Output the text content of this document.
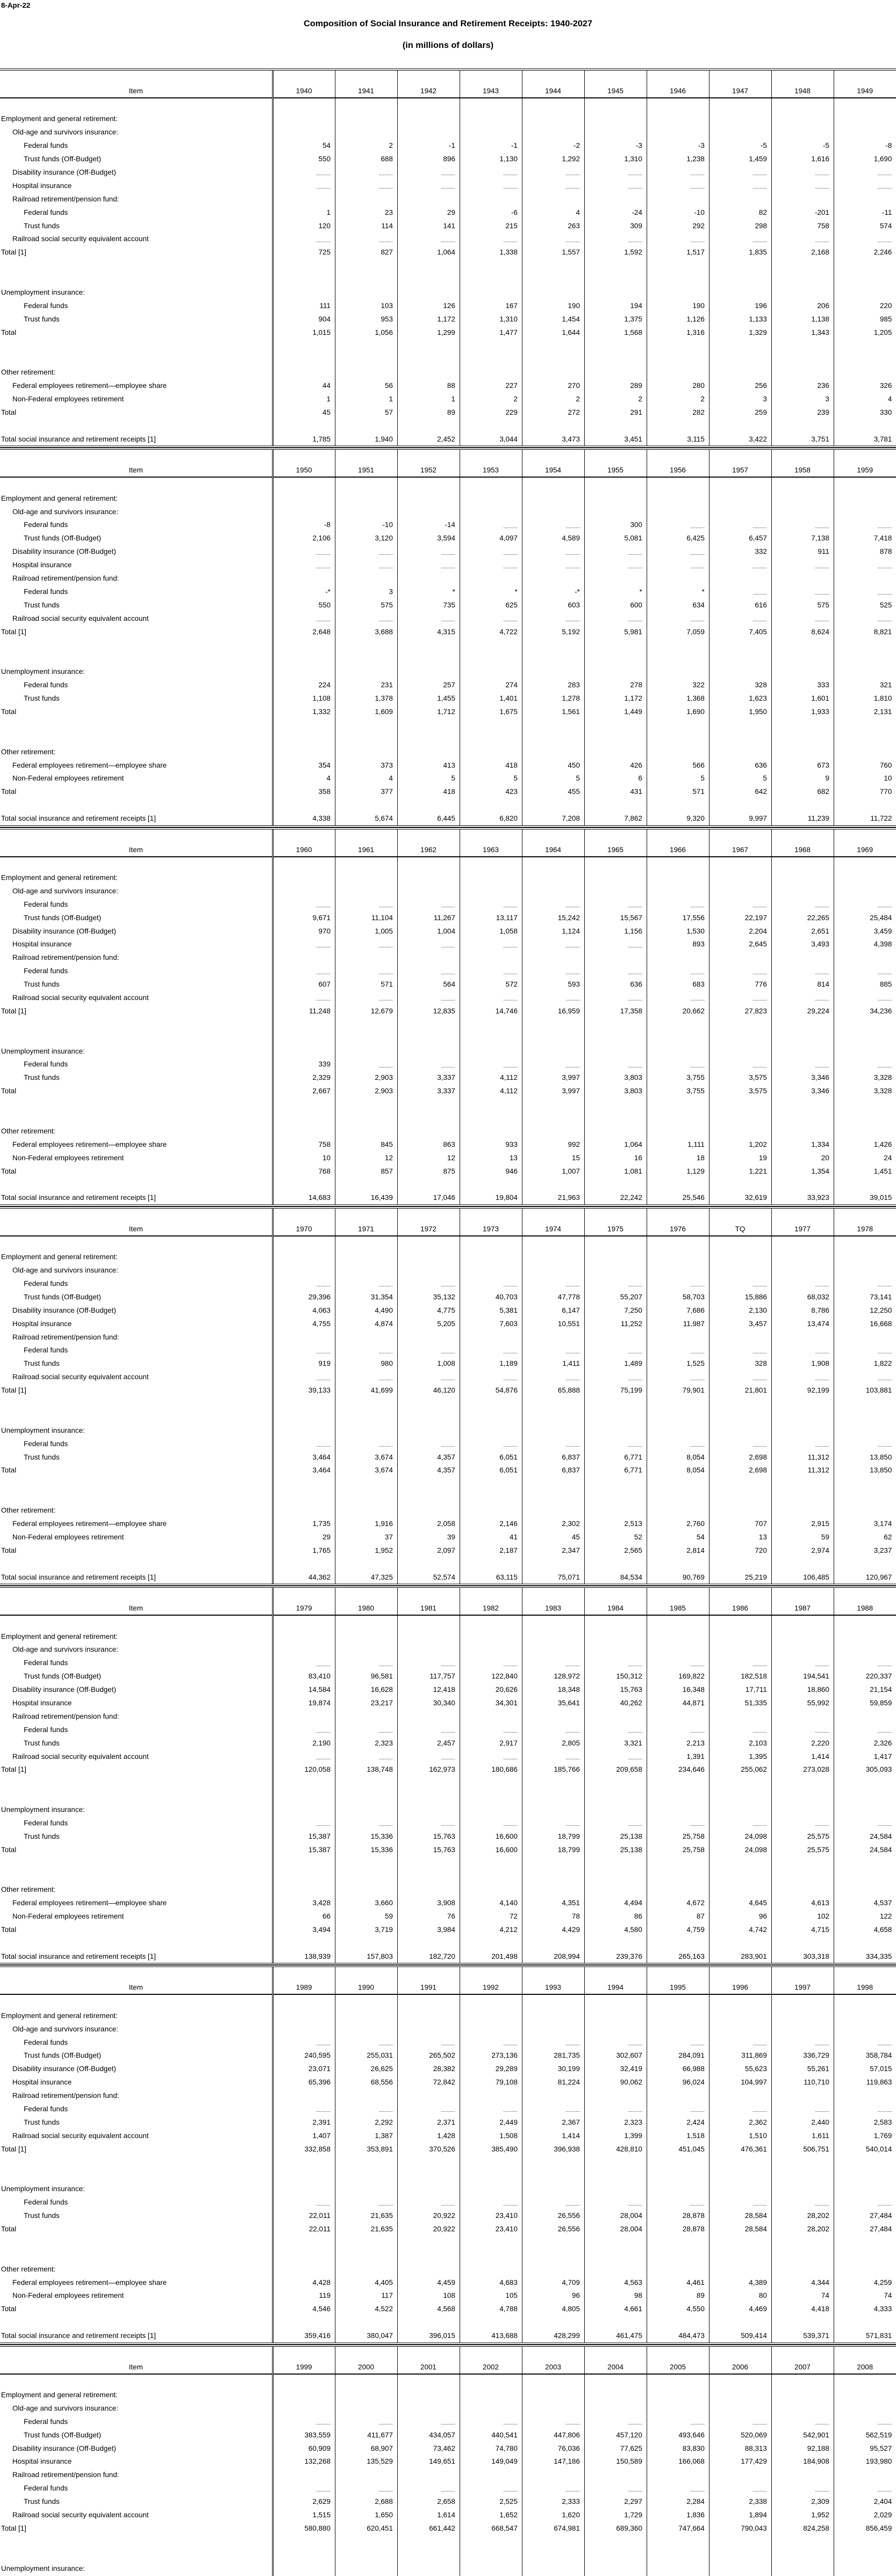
8-Apr-22
Composition of Social Insurance and Retirement Receipts: 1940-2027
(in millions of dollars)
Item	1940	1941	1942	1943	1944	1945	1946	1947	1948	1949

Employment and general retirement:										
Old-age and survivors insurance:										
Federal funds	54	2	-1	-1	-2	-3	-3	-5	-5	-8
Trust funds (Off-Budget)	550	688	896	1,130	1,292	1,310	1,238	1,459	1,616	1,690
Disability insurance (Off-Budget)	..........	..........	..........	..........	..........	..........	..........	..........	..........	..........
Hospital insurance	..........	..........	..........	..........	..........	..........	..........	..........	..........	..........
Railroad retirement/pension fund:										
Federal funds	1	23	29	-6	4	-24	-10	82	-201	-11
Trust funds	120	114	141	215	263	309	292	298	758	574
Railroad social security equivalent account	..........	..........	..........	..........	..........	..........	..........	..........	..........	..........
Total [1]	725	827	1,064	1,338	1,557	1,592	1,517	1,835	2,168	2,246

Unemployment insurance:										
Federal funds	111	103	126	167	190	194	190	196	206	220
Trust funds	904	953	1,172	1,310	1,454	1,375	1,126	1,133	1,138	985
Total	1,015	1,056	1,299	1,477	1,644	1,568	1,316	1,329	1,343	1,205

Other retirement:										
Federal employees retirement—employee share	44	56	88	227	270	289	280	256	236	326
Non-Federal employees retirement	1	1	1	2	2	2	2	3	3	4
Total	45	57	89	229	272	291	282	259	239	330

Total social insurance and retirement receipts [1]	1,785	1,940	2,452	3,044	3,473	3,451	3,115	3,422	3,751	3,781
Item	1950	1951	1952	1953	1954	1955	1956	1957	1958	1959

Employment and general retirement:										
Old-age and survivors insurance:										
Federal funds	-8	-10	-14	..........	..........	300	..........	..........	..........	..........
Trust funds (Off-Budget)	2,106	3,120	3,594	4,097	4,589	5,081	6,425	6,457	7,138	7,418
Disability insurance (Off-Budget)	..........	..........	..........	..........	..........	..........	..........	332	911	878
Hospital insurance	..........	..........	..........	..........	..........	..........	..........	..........	..........	..........
Railroad retirement/pension fund:										
Federal funds	-*	3	*	*	-*	*	*	..........	..........	..........
Trust funds	550	575	735	625	603	600	634	616	575	525
Railroad social security equivalent account	..........	..........	..........	..........	..........	..........	..........	..........	..........	..........
Total [1]	2,648	3,688	4,315	4,722	5,192	5,981	7,059	7,405	8,624	8,821

Unemployment insurance:										
Federal funds	224	231	257	274	283	278	322	328	333	321
Trust funds	1,108	1,378	1,455	1,401	1,278	1,172	1,368	1,623	1,601	1,810
Total	1,332	1,609	1,712	1,675	1,561	1,449	1,690	1,950	1,933	2,131

Other retirement:										
Federal employees retirement—employee share	354	373	413	418	450	426	566	636	673	760
Non-Federal employees retirement	4	4	5	5	5	6	5	5	9	10
Total	358	377	418	423	455	431	571	642	682	770

Total social insurance and retirement receipts [1]	4,338	5,674	6,445	6,820	7,208	7,862	9,320	9,997	11,239	11,722
Item	1960	1961	1962	1963	1964	1965	1966	1967	1968	1969

Employment and general retirement:										
Old-age and survivors insurance:										
Federal funds	..........	..........	..........	..........	..........	..........	..........	..........	..........	..........
Trust funds (Off-Budget)	9,671	11,104	11,267	13,117	15,242	15,567	17,556	22,197	22,265	25,484
Disability insurance (Off-Budget)	970	1,005	1,004	1,058	1,124	1,156	1,530	2,204	2,651	3,459
Hospital insurance	..........	..........	..........	..........	..........	..........	893	2,645	3,493	4,398
Railroad retirement/pension fund:										
Federal funds	..........	..........	..........	..........	..........	..........	..........	..........	..........	..........
Trust funds	607	571	564	572	593	636	683	776	814	885
Railroad social security equivalent account	..........	..........	..........	..........	..........	..........	..........	..........	..........	..........
Total [1]	11,248	12,679	12,835	14,746	16,959	17,358	20,662	27,823	29,224	34,236

Unemployment insurance:										
Federal funds	339	..........	..........	..........	..........	..........	..........	..........	..........	..........
Trust funds	2,329	2,903	3,337	4,112	3,997	3,803	3,755	3,575	3,346	3,328
Total	2,667	2,903	3,337	4,112	3,997	3,803	3,755	3,575	3,346	3,328

Other retirement:										
Federal employees retirement—employee share	758	845	863	933	992	1,064	1,111	1,202	1,334	1,426
Non-Federal employees retirement	10	12	12	13	15	16	18	19	20	24
Total	768	857	875	946	1,007	1,081	1,129	1,221	1,354	1,451

Total social insurance and retirement receipts [1]	14,683	16,439	17,046	19,804	21,963	22,242	25,546	32,619	33,923	39,015
Item	1970	1971	1972	1973	1974	1975	1976	TQ	1977	1978

Employment and general retirement:										
Old-age and survivors insurance:										
Federal funds	..........	..........	..........	..........	..........	..........	..........	..........	..........	..........
Trust funds (Off-Budget)	29,396	31,354	35,132	40,703	47,778	55,207	58,703	15,886	68,032	73,141
Disability insurance (Off-Budget)	4,063	4,490	4,775	5,381	6,147	7,250	7,686	2,130	8,786	12,250
Hospital insurance	4,755	4,874	5,205	7,603	10,551	11,252	11,987	3,457	13,474	16,668
Railroad retirement/pension fund:										
Federal funds	..........	..........	..........	..........	..........	..........	..........	..........	..........	..........
Trust funds	919	980	1,008	1,189	1,411	1,489	1,525	328	1,908	1,822
Railroad social security equivalent account	..........	..........	..........	..........	..........	..........	..........	..........	..........	..........
Total [1]	39,133	41,699	46,120	54,876	65,888	75,199	79,901	21,801	92,199	103,881

Unemployment insurance:										
Federal funds	..........	..........	..........	..........	..........	..........	..........	..........	..........	..........
Trust funds	3,464	3,674	4,357	6,051	6,837	6,771	8,054	2,698	11,312	13,850
Total	3,464	3,674	4,357	6,051	6,837	6,771	8,054	2,698	11,312	13,850

Other retirement:										
Federal employees retirement—employee share	1,735	1,916	2,058	2,146	2,302	2,513	2,760	707	2,915	3,174
Non-Federal employees retirement	29	37	39	41	45	52	54	13	59	62
Total	1,765	1,952	2,097	2,187	2,347	2,565	2,814	720	2,974	3,237

Total social insurance and retirement receipts [1]	44,362	47,325	52,574	63,115	75,071	84,534	90,769	25,219	106,485	120,967
Item	1979	1980	1981	1982	1983	1984	1985	1986	1987	1988

Employment and general retirement:										
Old-age and survivors insurance:										
Federal funds	..........	..........	..........	..........	..........	..........	..........	..........	..........	..........
Trust funds (Off-Budget)	83,410	96,581	117,757	122,840	128,972	150,312	169,822	182,518	194,541	220,337
Disability insurance (Off-Budget)	14,584	16,628	12,418	20,626	18,348	15,763	16,348	17,711	18,860	21,154
Hospital insurance	19,874	23,217	30,340	34,301	35,641	40,262	44,871	51,335	55,992	59,859
Railroad retirement/pension fund:										
Federal funds	..........	..........	..........	..........	..........	..........	..........	..........	..........	..........
Trust funds	2,190	2,323	2,457	2,917	2,805	3,321	2,213	2,103	2,220	2,326
Railroad social security equivalent account	..........	..........	..........	..........	..........	..........	1,391	1,395	1,414	1,417
Total [1]	120,058	138,748	162,973	180,686	185,766	209,658	234,646	255,062	273,028	305,093

Unemployment insurance:										
Federal funds	..........	..........	..........	..........	..........	..........	..........	..........	..........	..........
Trust funds	15,387	15,336	15,763	16,600	18,799	25,138	25,758	24,098	25,575	24,584
Total	15,387	15,336	15,763	16,600	18,799	25,138	25,758	24,098	25,575	24,584

Other retirement:										
Federal employees retirement—employee share	3,428	3,660	3,908	4,140	4,351	4,494	4,672	4,645	4,613	4,537
Non-Federal employees retirement	66	59	76	72	78	86	87	96	102	122
Total	3,494	3,719	3,984	4,212	4,429	4,580	4,759	4,742	4,715	4,658

Total social insurance and retirement receipts [1]	138,939	157,803	182,720	201,498	208,994	239,376	265,163	283,901	303,318	334,335
Item	1989	1990	1991	1992	1993	1994	1995	1996	1997	1998

Employment and general retirement:										
Old-age and survivors insurance:										
Federal funds	..........	..........	..........	..........	..........	..........	..........	..........	..........	..........
Trust funds (Off-Budget)	240,595	255,031	265,502	273,136	281,735	302,607	284,091	311,869	336,729	358,784
Disability insurance (Off-Budget)	23,071	26,625	28,382	29,289	30,199	32,419	66,988	55,623	55,261	57,015
Hospital insurance	65,396	68,556	72,842	79,108	81,224	90,062	96,024	104,997	110,710	119,863
Railroad retirement/pension fund:										
Federal funds	..........	..........	..........	..........	..........	..........	..........	..........	..........	..........
Trust funds	2,391	2,292	2,371	2,449	2,367	2,323	2,424	2,362	2,440	2,583
Railroad social security equivalent account	1,407	1,387	1,428	1,508	1,414	1,399	1,518	1,510	1,611	1,769
Total [1]	332,858	353,891	370,526	385,490	396,938	428,810	451,045	476,361	506,751	540,014

Unemployment insurance:										
Federal funds	..........	..........	..........	..........	..........	..........	..........	..........	..........	..........
Trust funds	22,011	21,635	20,922	23,410	26,556	28,004	28,878	28,584	28,202	27,484
Total	22,011	21,635	20,922	23,410	26,556	28,004	28,878	28,584	28,202	27,484

Other retirement:										
Federal employees retirement—employee share	4,428	4,405	4,459	4,683	4,709	4,563	4,461	4,389	4,344	4,259
Non-Federal employees retirement	119	117	108	105	96	98	89	80	74	74
Total	4,546	4,522	4,568	4,788	4,805	4,661	4,550	4,469	4,418	4,333

Total social insurance and retirement receipts [1]	359,416	380,047	396,015	413,688	428,299	461,475	484,473	509,414	539,371	571,831
Item	1999	2000	2001	2002	2003	2004	2005	2006	2007	2008

Employment and general retirement:										
Old-age and survivors insurance:										
Federal funds	..........	..........	..........	..........	..........	..........	..........	..........	..........	..........
Trust funds (Off-Budget)	383,559	411,677	434,057	440,541	447,806	457,120	493,646	520,069	542,901	562,519
Disability insurance (Off-Budget)	60,909	68,907	73,462	74,780	76,036	77,625	83,830	88,313	92,188	95,527
Hospital insurance	132,268	135,529	149,651	149,049	147,186	150,589	166,068	177,429	184,908	193,980
Railroad retirement/pension fund:										
Federal funds	..........	..........	..........	..........	..........	..........	..........	..........	..........	..........
Trust funds	2,629	2,688	2,658	2,525	2,333	2,297	2,284	2,338	2,309	2,404
Railroad social security equivalent account	1,515	1,650	1,614	1,652	1,620	1,729	1,836	1,894	1,952	2,029
Total [1]	580,880	620,451	661,442	668,547	674,981	689,360	747,664	790,043	824,258	856,459

Unemployment insurance:										
